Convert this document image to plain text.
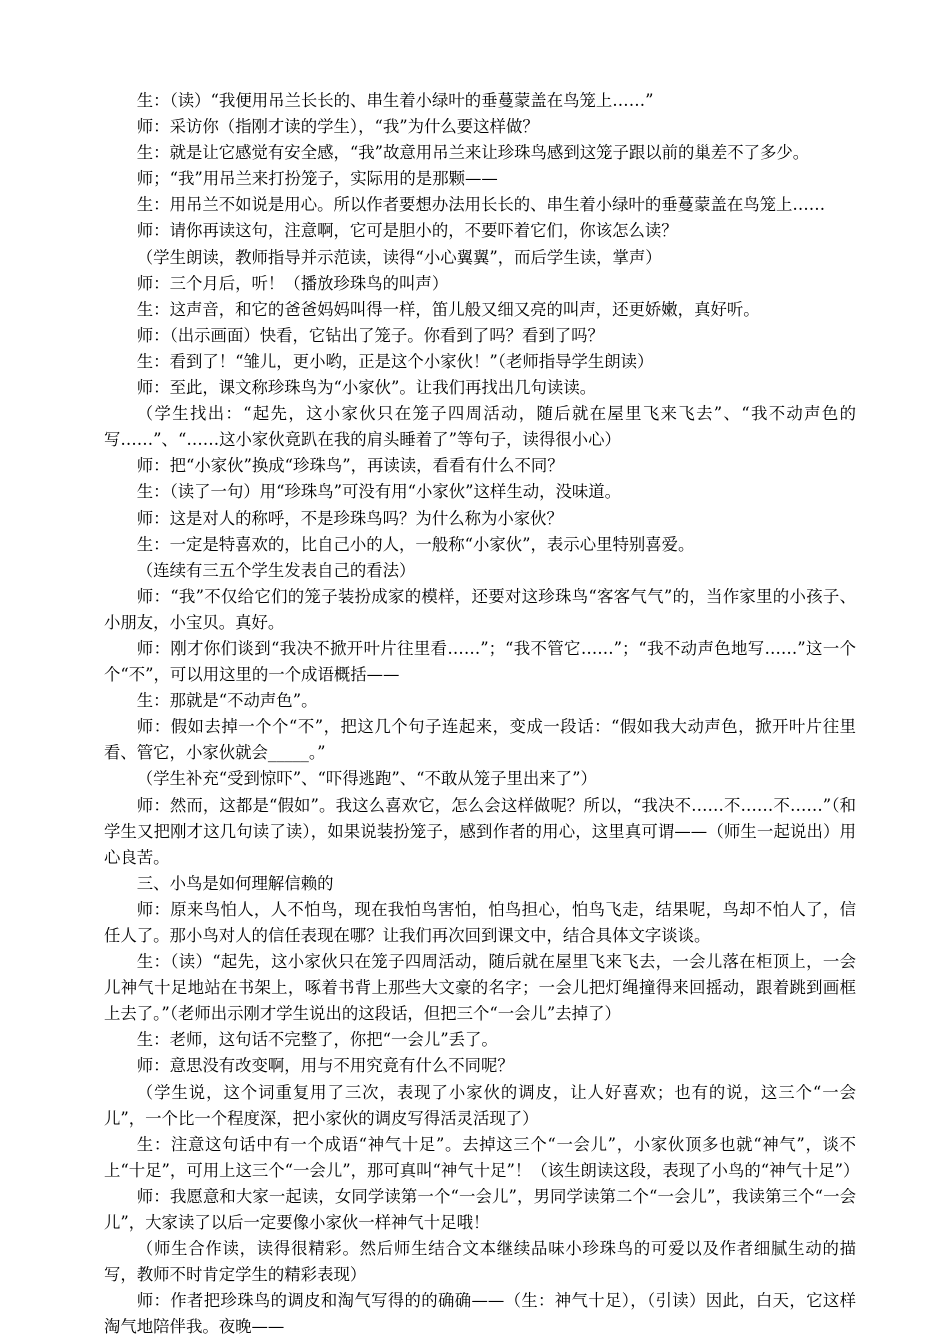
生：（读）“我便用吊兰长长的、串生着小绿叶的垂蔓蒙盖在鸟笼上……”

师：采访你（指刚才读的学生），“我”为什么要这样做？

生：就是让它感觉有安全感，“我”故意用吊兰来让珍珠鸟感到这笼子跟以前的巢差不了多少。

师；“我”用吊兰来打扮笼子，实际用的是那颗——

生：用吊兰不如说是用心。所以作者要想办法用长长的、串生着小绿叶的垂蔓蒙盖在鸟笼上……

师：请你再读这句，注意啊，它可是胆小的，不要吓着它们，你该怎么读？

（学生朗读，教师指导并示范读，读得“小心翼翼”，而后学生读，掌声）

师：三个月后，听！（播放珍珠鸟的叫声）

生：这声音，和它的爸爸妈妈叫得一样，笛儿般又细又亮的叫声，还更娇嫩，真好听。

师：（出示画面）快看，它钻出了笼子。你看到了吗？看到了吗？

生：看到了！“雏儿，更小哟，正是这个小家伙！”（老师指导学生朗读）

师：至此，课文称珍珠鸟为“小家伙”。让我们再找出几句读读。

（学生找出：“起先，这小家伙只在笼子四周活动，随后就在屋里飞来飞去”、“我不动声色的写……”、“……这小家伙竟趴在我的肩头睡着了”等句子，读得很小心）

师：把“小家伙”换成“珍珠鸟”，再读读，看看有什么不同？

生：（读了一句）用“珍珠鸟”可没有用“小家伙”这样生动，没味道。

师：这是对人的称呼，不是珍珠鸟吗？为什么称为小家伙？

生：一定是特喜欢的，比自己小的人，一般称“小家伙”，表示心里特别喜爱。

（连续有三五个学生发表自己的看法）

师：“我”不仅给它们的笼子装扮成家的模样，还要对这珍珠鸟“客客气气”的，当作家里的小孩子、小朋友，小宝贝。真好。

师：刚才你们谈到“我决不掀开叶片往里看……”；“我不管它……”；“我不动声色地写……”这一个个“不”，可以用这里的一个成语概括——

生：那就是“不动声色”。

师：假如去掉一个个“不”，把这几个句子连起来，变成一段话：“假如我大动声色，掀开叶片往里看、管它，小家伙就会_____。”

（学生补充“受到惊吓”、“吓得逃跑”、“不敢从笼子里出来了”）

师：然而，这都是“假如”。我这么喜欢它，怎么会这样做呢？所以，“我决不……不……不……”（和学生又把刚才这几句读了读），如果说装扮笼子，感到作者的用心，这里真可谓——（师生一起说出）用心良苦。

三、小鸟是如何理解信赖的

师：原来鸟怕人，人不怕鸟，现在我怕鸟害怕，怕鸟担心，怕鸟飞走，结果呢，鸟却不怕人了，信任人了。那小鸟对人的信任表现在哪？让我们再次回到课文中，结合具体文字谈谈。

生：（读）“起先，这小家伙只在笼子四周活动，随后就在屋里飞来飞去，一会儿落在柜顶上，一会儿神气十足地站在书架上，啄着书背上那些大文豪的名字；一会儿把灯绳撞得来回摇动，跟着跳到画框上去了。”（老师出示刚才学生说出的这段话，但把三个“一会儿”去掉了）

生：老师，这句话不完整了，你把“一会儿”丢了。

师：意思没有改变啊，用与不用究竟有什么不同呢？

（学生说，这个词重复用了三次，表现了小家伙的调皮，让人好喜欢；也有的说，这三个“一会儿”，一个比一个程度深，把小家伙的调皮写得活灵活现了）

生：注意这句话中有一个成语“神气十足”。去掉这三个“一会儿”，小家伙顶多也就“神气”，谈不上“十足”，可用上这三个“一会儿”，那可真叫“神气十足”！（该生朗读这段，表现了小鸟的“神气十足”）

师：我愿意和大家一起读，女同学读第一个“一会儿”，男同学读第二个“一会儿”，我读第三个“一会儿”，大家读了以后一定要像小家伙一样神气十足哦！

（师生合作读，读得很精彩。然后师生结合文本继续品味小珍珠鸟的可爱以及作者细腻生动的描写，教师不时肯定学生的精彩表现）

师：作者把珍珠鸟的调皮和淘气写得的的确确——（生：神气十足），（引读）因此，白天，它这样淘气地陪伴我。夜晚——
